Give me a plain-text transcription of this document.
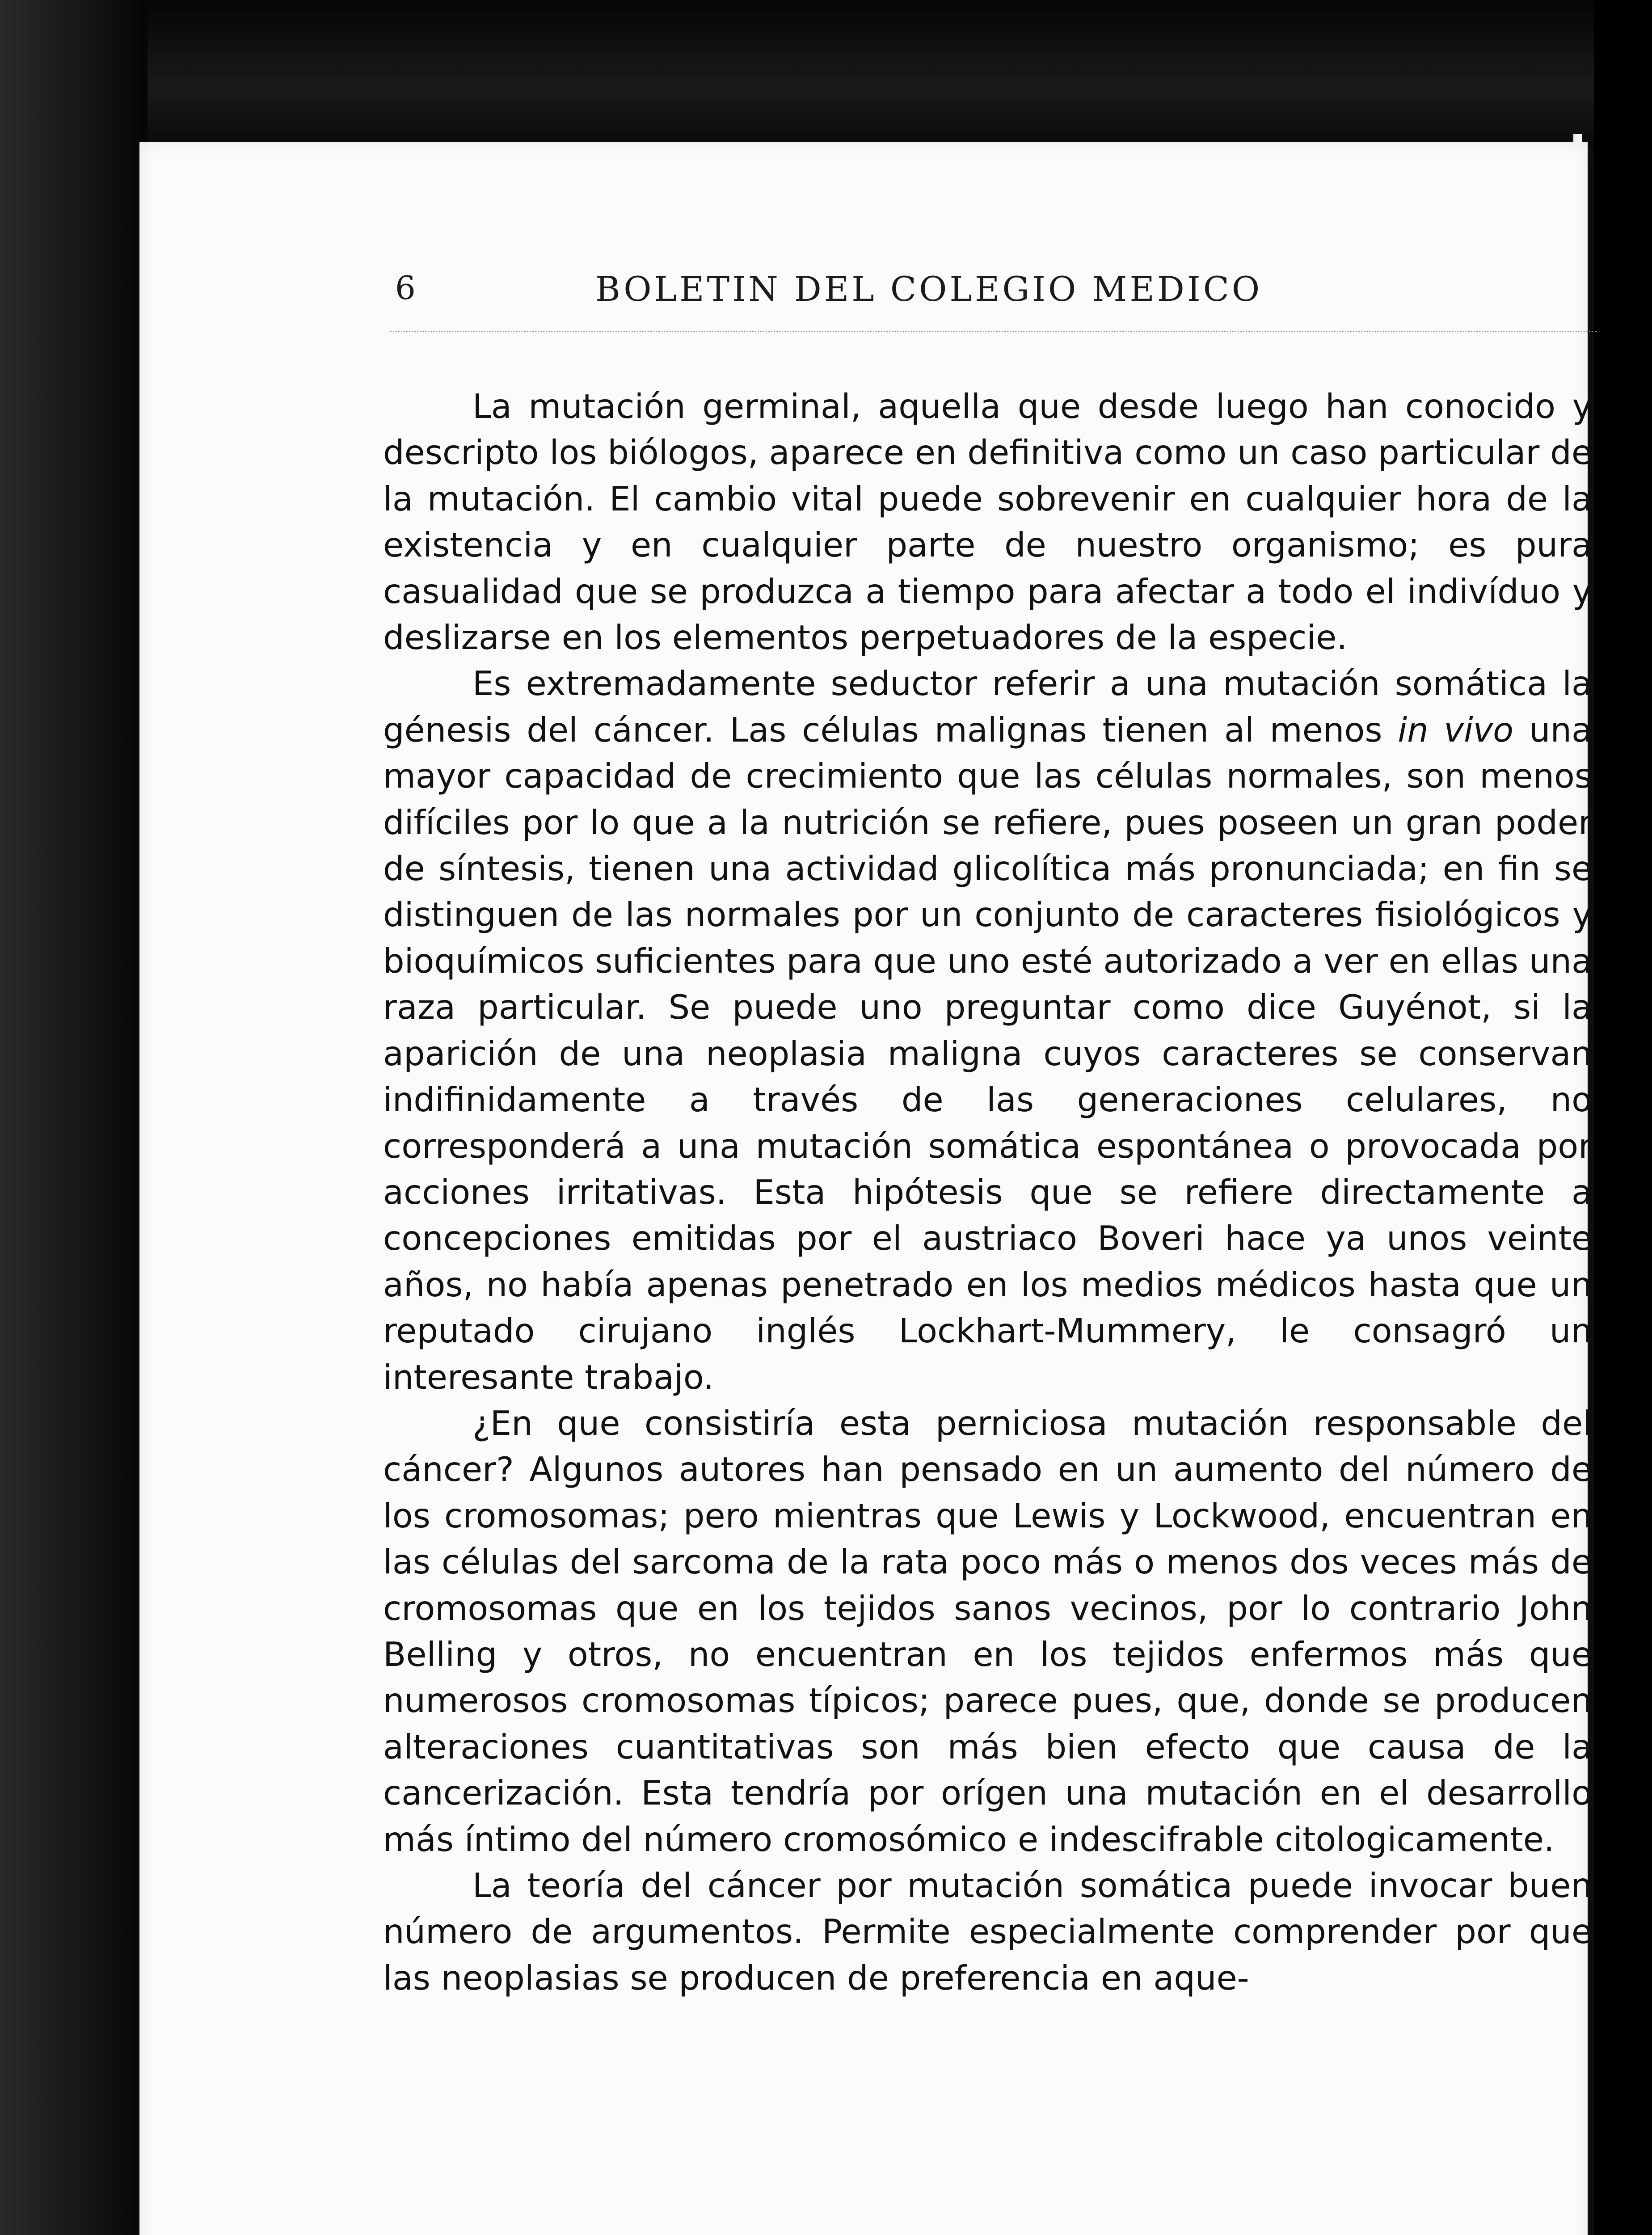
6	BOLETIN DEL COLEGIO MEDICO

La mutación germinal, aquella que desde luego han conocido y descripto los biólogos, aparece en definitiva como un caso particular de la mutación. El cambio vital puede sobrevenir en cualquier hora de la existencia y en cualquier parte de nuestro organismo; es pura casualidad que se produzca a tiempo para afectar a todo el indivíduo y deslizarse en los elementos perpetuadores de la especie.

Es extremadamente seductor referir a una mutación somática la génesis del cáncer. Las células malignas tienen al menos in vivo una mayor capacidad de crecimiento que las células normales, son menos difíciles por lo que a la nutrición se refiere, pues poseen un gran poder de síntesis, tienen una actividad glicolítica más pronunciada; en fin se distinguen de las normales por un conjunto de caracteres fisiológicos y bioquímicos suficientes para que uno esté autorizado a ver en ellas una raza particular. Se puede uno preguntar como dice Guyénot, si la aparición de una neoplasia maligna cuyos caracteres se conservan indifinidamente a través de las generaciones celulares, no corresponderá a una mutación somática espontánea o provocada por acciones irritativas. Esta hipótesis que se refiere directamente a concepciones emitidas por el austriaco Boveri hace ya unos veinte años, no había apenas penetrado en los medios médicos hasta que un reputado cirujano inglés Lockhart-Mummery, le consagró un interesante trabajo.

¿En que consistiría esta perniciosa mutación responsable del cáncer? Algunos autores han pensado en un aumento del número de los cromosomas; pero mientras que Lewis y Lockwood, encuentran en las células del sarcoma de la rata poco más o menos dos veces más de cromosomas que en los tejidos sanos vecinos, por lo contrario John Belling y otros, no encuentran en los tejidos enfermos más que numerosos cromosomas típicos; parece pues, que, donde se producen alteraciones cuantitativas son más bien efecto que causa de la cancerización. Esta tendría por orígen una mutación en el desarrollo más íntimo del número cromosómico e indescifrable citologicamente.

La teoría del cáncer por mutación somática puede invocar buen número de argumentos. Permite especialmente comprender por que las neoplasias se producen de preferencia en aque-
